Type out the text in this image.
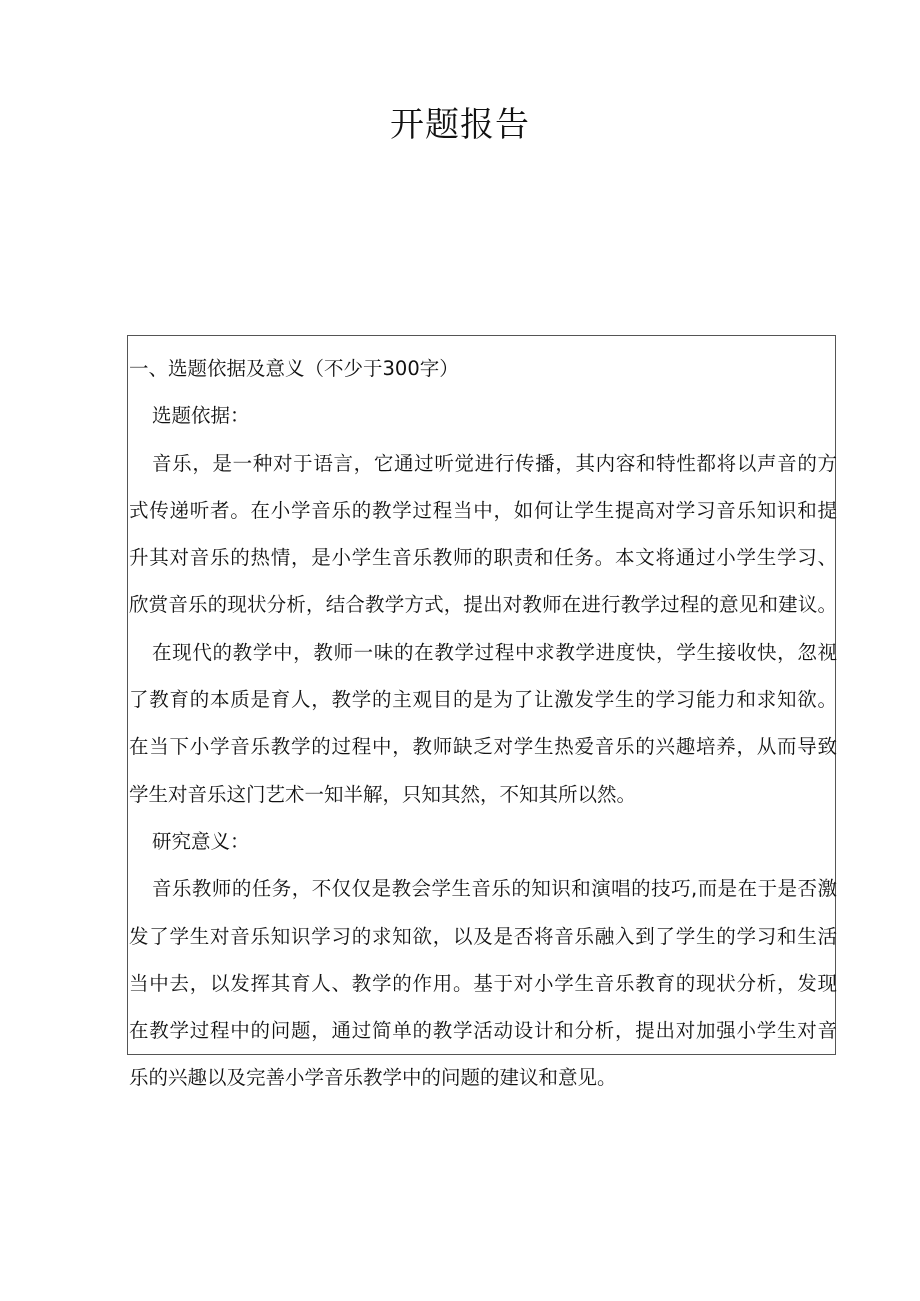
开题报告
一、选题依据及意义（不少于300字）
选题依据：
音乐，是一种对于语言，它通过听觉进行传播，其内容和特性都将以声音的方
式传递听者。在小学音乐的教学过程当中，如何让学生提高对学习音乐知识和提
升其对音乐的热情，是小学生音乐教师的职责和任务。本文将通过小学生学习、
欣赏音乐的现状分析，结合教学方式，提出对教师在进行教学过程的意见和建议。
在现代的教学中，教师一味的在教学过程中求教学进度快，学生接收快，忽视
了教育的本质是育人，教学的主观目的是为了让激发学生的学习能力和求知欲。
在当下小学音乐教学的过程中，教师缺乏对学生热爱音乐的兴趣培养，从而导致
学生对音乐这门艺术一知半解，只知其然，不知其所以然。
研究意义：
音乐教师的任务，不仅仅是教会学生音乐的知识和演唱的技巧,而是在于是否激
发了学生对音乐知识学习的求知欲，以及是否将音乐融入到了学生的学习和生活
当中去，以发挥其育人、教学的作用。基于对小学生音乐教育的现状分析，发现
在教学过程中的问题，通过简单的教学活动设计和分析，提出对加强小学生对音
乐的兴趣以及完善小学音乐教学中的问题的建议和意见。
